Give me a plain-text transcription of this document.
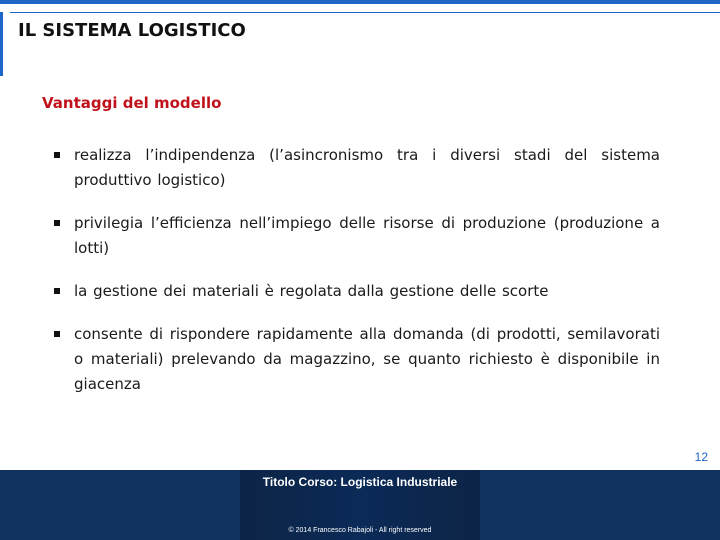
IL SISTEMA LOGISTICO
Vantaggi del modello
realizza l’indipendenza (l’asincronismo tra i diversi stadi del sistema produttivo logistico)
privilegia l’efficienza nell’impiego delle risorse di produzione (produzione a lotti)
la gestione dei materiali è regolata dalla gestione delle scorte
consente di rispondere rapidamente alla domanda (di prodotti, semilavorati o materiali) prelevando da magazzino, se quanto richiesto è disponibile in giacenza
12
Titolo Corso: Logistica Industriale
© 2014 Francesco Rabajoli - All right reserved
